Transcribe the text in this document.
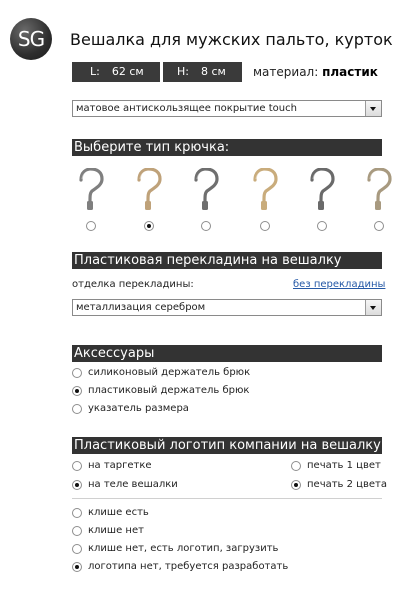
SG	Вешалка для мужских пальто, курток
L: 62 см	H: 8 см	материал: пластик
матовое антискользящее покрытие touch
Выберите тип крючка:
Пластиковая перекладина на вешалку
отделка перекладины:	без перекладины
металлизация серебром
Аксессуары
силиконовый держатель брюк
пластиковый держатель брюк
указатель размера
Пластиковый логотип компании на вешалку
на таргетке
на теле вешалки
печать 1 цвет
печать 2 цвета
клише есть
клише нет
клише нет, есть логотип, загрузить
логотипа нет, требуется разработать
